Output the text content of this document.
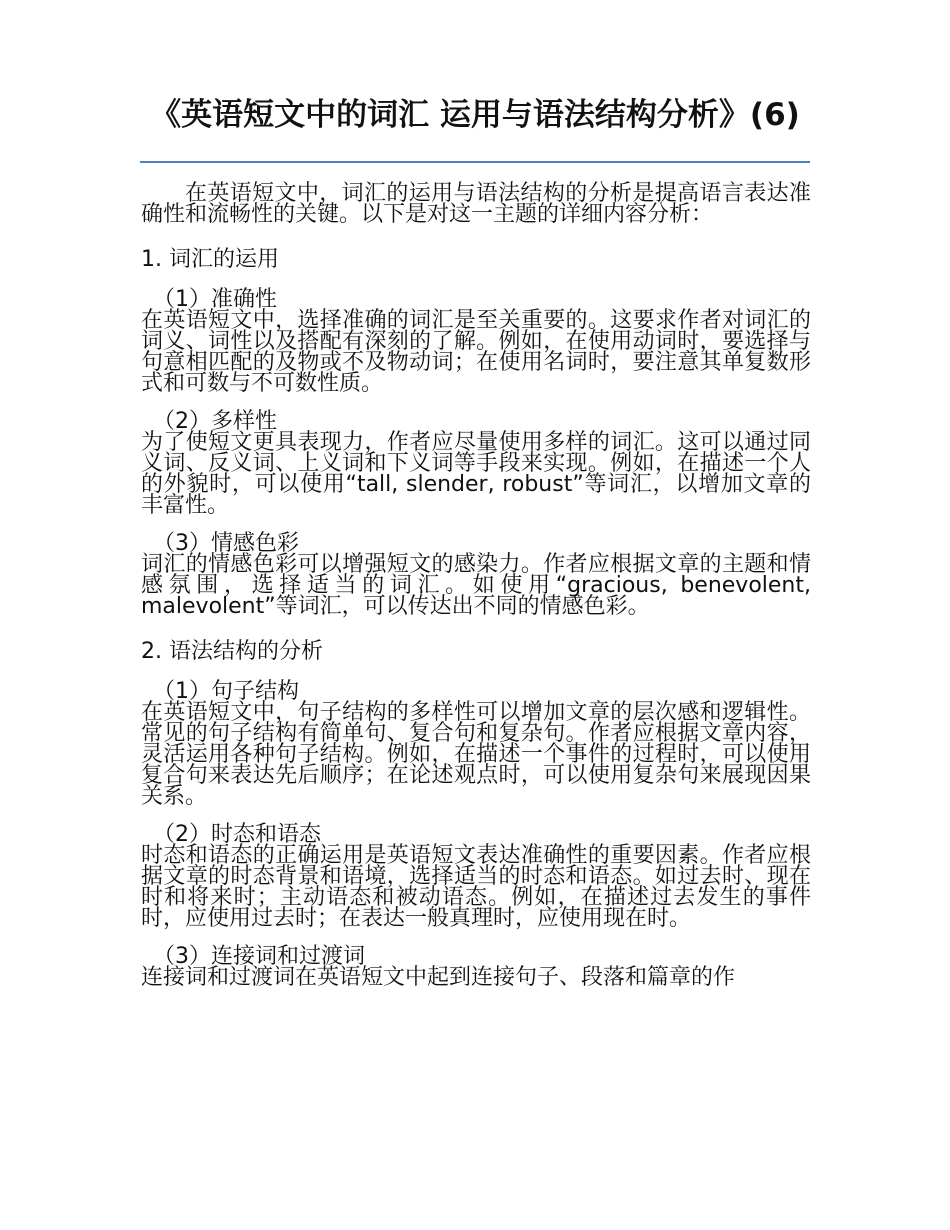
《英语短文中的词汇 运用与语法结构分析》(6)

在英语短文中，词汇的运用与语法结构的分析是提高语言表达准确性和流畅性的关键。以下是对这一主题的详细内容分析：

1. 词汇的运用

（1）准确性

在英语短文中，选择准确的词汇是至关重要的。这要求作者对词汇的词义、词性以及搭配有深刻的了解。例如，在使用动词时，要选择与句意相匹配的及物或不及物动词；在使用名词时，要注意其单复数形式和可数与不可数性质。

（2）多样性

为了使短文更具表现力，作者应尽量使用多样的词汇。这可以通过同义词、反义词、上义词和下义词等手段来实现。例如，在描述一个人的外貌时，可以使用“tall, slender, robust”等词汇，以增加文章的丰富性。

（3）情感色彩

词汇的情感色彩可以增强短文的感染力。作者应根据文章的主题和情感氛围，选择适当的词汇。如使用“gracious, benevolent, malevolent”等词汇，可以传达出不同的情感色彩。

2. 语法结构的分析

（1）句子结构

在英语短文中，句子结构的多样性可以增加文章的层次感和逻辑性。常见的句子结构有简单句、复合句和复杂句。作者应根据文章内容，灵活运用各种句子结构。例如，在描述一个事件的过程时，可以使用复合句来表达先后顺序；在论述观点时，可以使用复杂句来展现因果关系。

（2）时态和语态

时态和语态的正确运用是英语短文表达准确性的重要因素。作者应根据文章的时态背景和语境，选择适当的时态和语态。如过去时、现在时和将来时；主动语态和被动语态。例如，在描述过去发生的事件时，应使用过去时；在表达一般真理时，应使用现在时。

（3）连接词和过渡词

连接词和过渡词在英语短文中起到连接句子、段落和篇章的作
